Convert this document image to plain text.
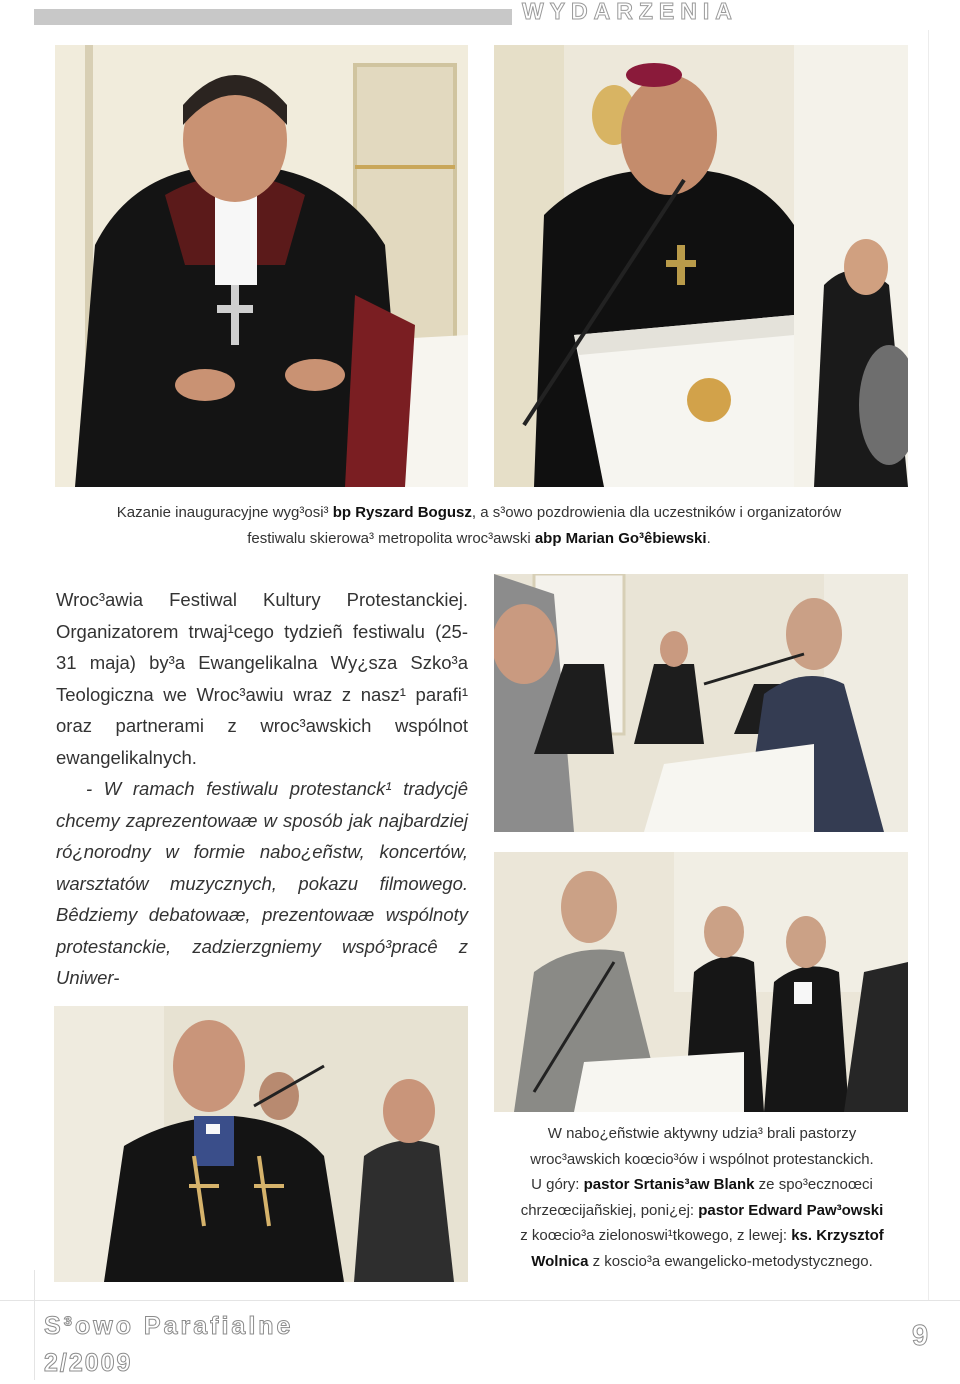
WYDARZENIA
Kazanie inauguracyjne wyg³osi³ bp Ryszard Bogusz, a s³owo pozdrowienia dla uczestników i organizatorów
festiwalu skierowa³ metropolita wroc³awski abp Marian Go³êbiewski.

Wroc³awia Festiwal Kultury Protestanckiej. Organizatorem trwaj¹cego tydzieñ festiwalu (25-31 maja) by³a Ewangelikalna Wy¿sza Szko³a Teologiczna we Wroc³awiu wraz z nasz¹ parafi¹ oraz partnerami z wroc³awskich wspólnot ewangelikalnych.

- W ramach festiwalu protestanck¹ tradycjê chcemy zaprezentowaæ w sposób jak najbardziej ró¿norodny w formie nabo¿eñstw, koncertów, warsztatów muzycznych, pokazu filmowego. Bêdziemy debatowaæ, prezentowaæ wspólnoty protestanckie, zadzierzgniemy wspó³pracê z Uniwer-

W nabo¿eñstwie aktywny udzia³ brali pastorzy
wroc³awskich koœcio³ów i wspólnot protestanckich.
U góry: pastor Srtanis³aw Blank ze spo³ecznoœci
chrzeœcijañskiej, poni¿ej: pastor Edward Paw³owski
z koœcio³a zielonoswi¹tkowego, z lewej: ks. Krzysztof
Wolnica z koscio³a ewangelicko-metodystycznego.
S³owo Parafialne
2/2009
9
